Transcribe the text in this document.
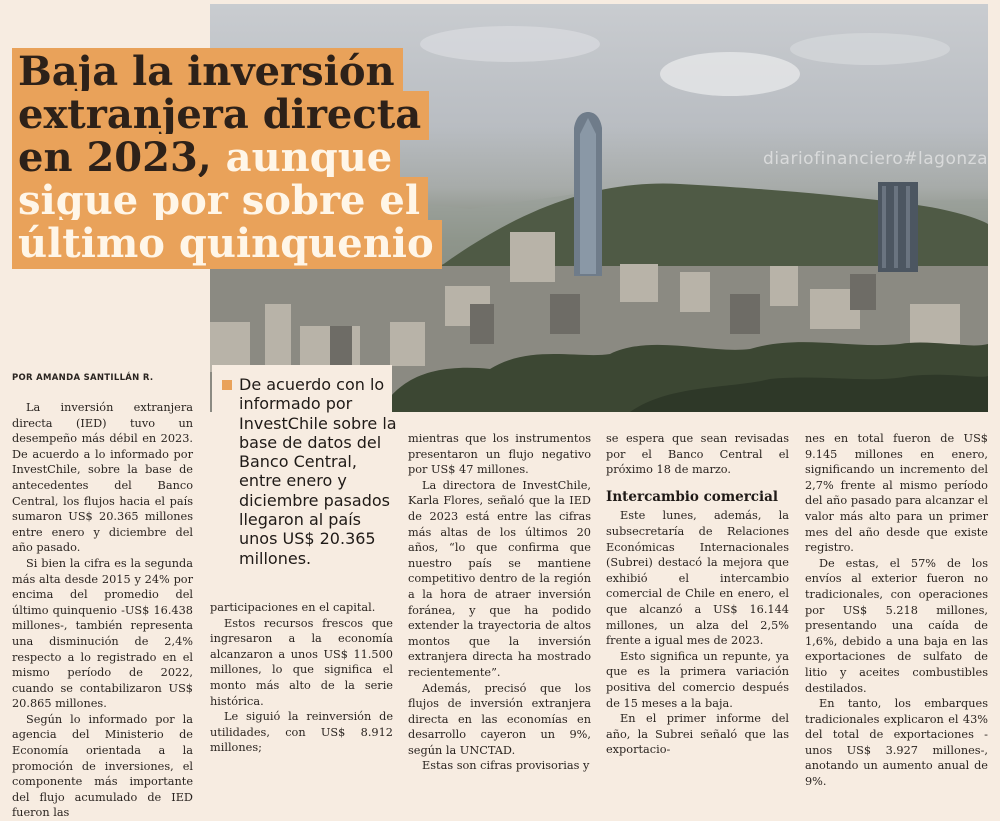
diariofinanciero#lagonza
Baja la inversión extranjera directa en 2023, aunque sigue por sobre el último quinquenio
POR AMANDA SANTILLÁN R.	De acuerdo con lo informado por InvestChile sobre la base de datos del Banco Central, entre enero y diciembre pasados llegaron al país unos US$ 20.365 millones.

La inversión extranjera directa (IED) tuvo un desempeño más débil en 2023. De acuerdo a lo informado por InvestChile, sobre la base de antecedentes del Banco Central, los flujos hacia el país sumaron US$ 20.365 millones entre enero y diciembre del año pasado.

Si bien la cifra es la segunda más alta desde 2015 y 24% por encima del promedio del último quinquenio -US$ 16.438 millones-, también representa una disminución de 2,4% respecto a lo registrado en el mismo período de 2022, cuando se contabilizaron US$ 20.865 millones.

Según lo informado por la agencia del Ministerio de Economía orientada a la promoción de inversiones, el componente más importante del flujo acumulado de IED fueron las

participaciones en el capital.

Estos recursos frescos que ingresaron a la economía alcanzaron a unos US$ 11.500 millones, lo que significa el monto más alto de la serie histórica.

Le siguió la reinversión de utilidades, con US$ 8.912 millones;

mientras que los instrumentos presentaron un flujo negativo por US$ 47 millones.

La directora de InvestChile, Karla Flores, señaló que la IED de 2023 está entre las cifras más altas de los últimos 20 años, “lo que confirma que nuestro país se mantiene competitivo dentro de la región a la hora de atraer inversión foránea, y que ha podido extender la trayectoria de altos montos que la inversión extranjera directa ha mostrado recientemente”.

Además, precisó que los flujos de inversión extranjera directa en las economías en desarrollo cayeron un 9%, según la UNCTAD.

Estas son cifras provisorias y

se espera que sean revisadas por el Banco Central el próximo 18 de marzo.

Intercambio comercial

Este lunes, además, la subsecretaría de Relaciones Económicas Internacionales (Subrei) destacó la mejora que exhibió el intercambio comercial de Chile en enero, el que alcanzó a US$ 16.144 millones, un alza del 2,5% frente a igual mes de 2023.

Esto significa un repunte, ya que es la primera variación positiva del comercio después de 15 meses a la baja.

En el primer informe del año, la Subrei señaló que las exportacio-

nes en total fueron de US$ 9.145 millones en enero, significando un incremento del 2,7% frente al mismo período del año pasado para alcanzar el valor más alto para un primer mes del año desde que existe registro.

De estas, el 57% de los envíos al exterior fueron no tradicionales, con operaciones por US$ 5.218 millones, presentando una caída de 1,6%, debido a una baja en las exportaciones de sulfato de litio y aceites combustibles destilados.

En tanto, los embarques tradicionales explicaron el 43% del total de exportaciones -unos US$ 3.927 millones-, anotando un aumento anual de 9%.
